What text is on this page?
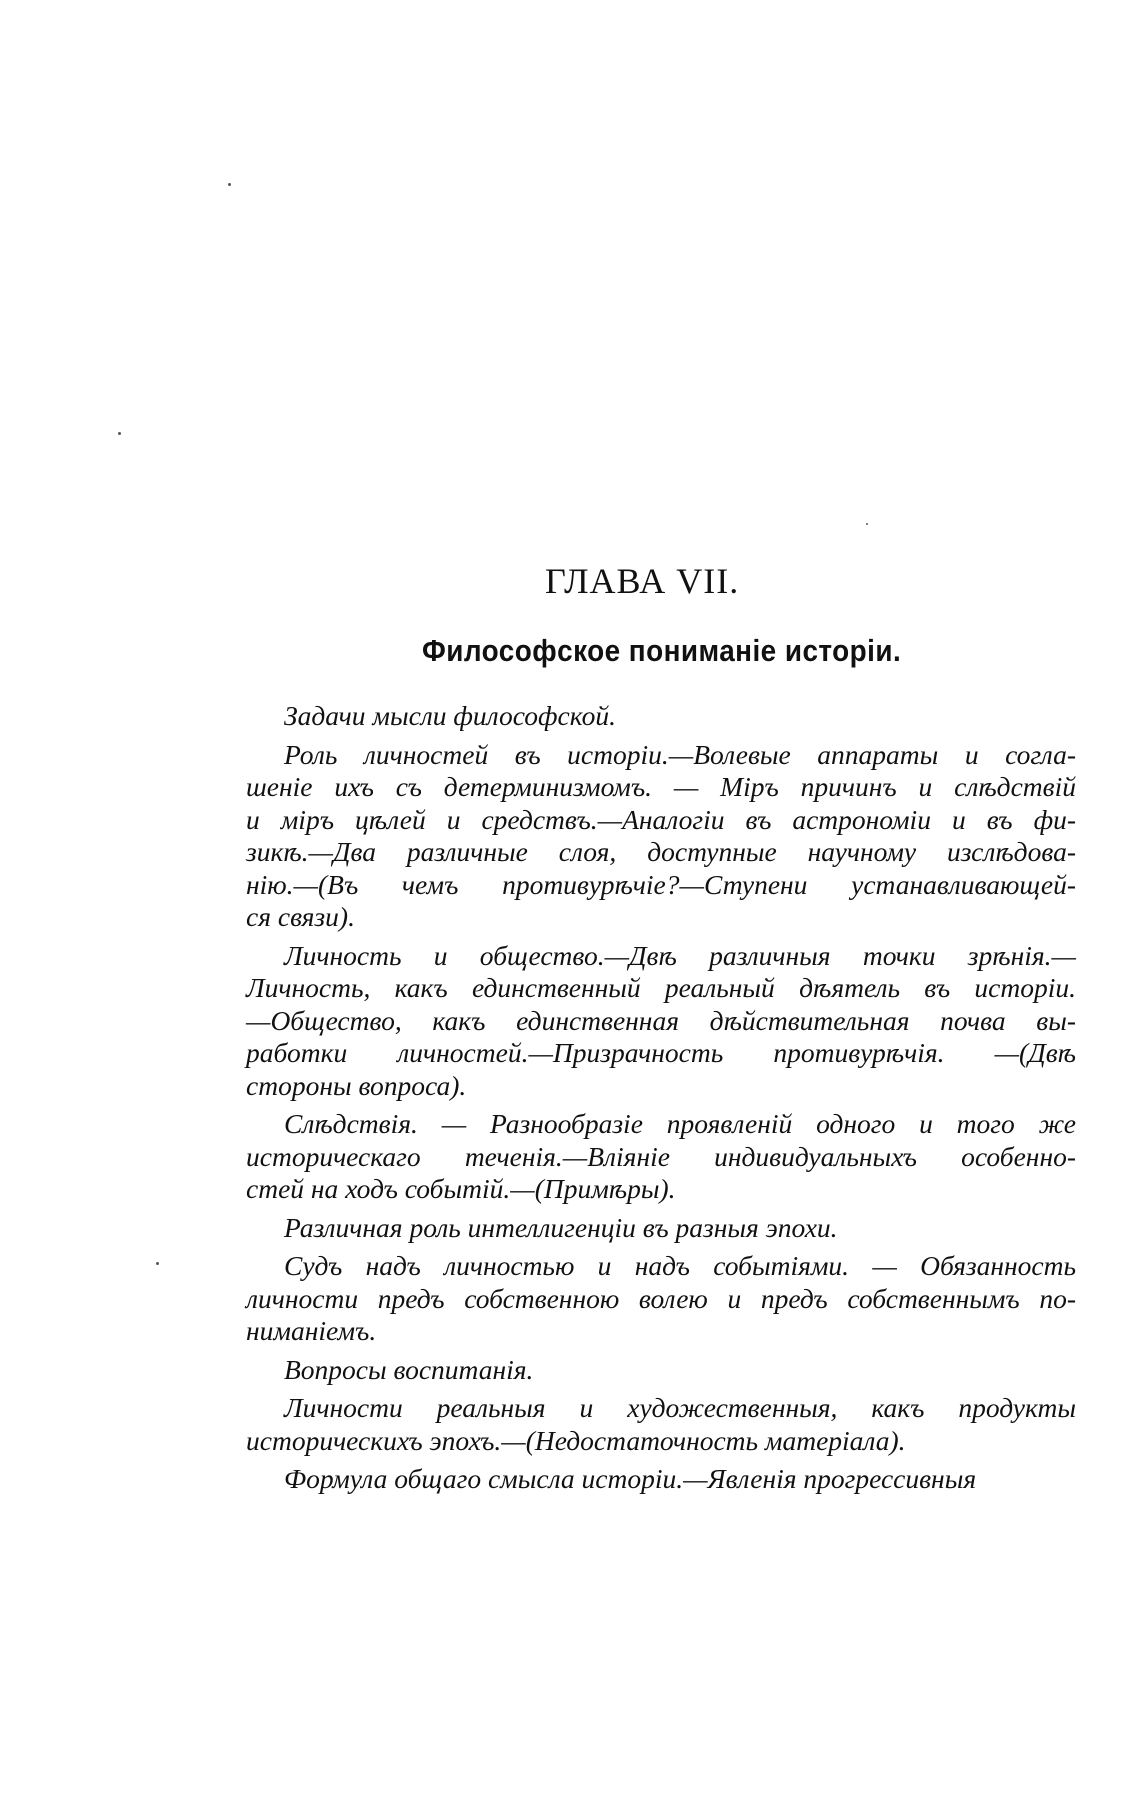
ГЛАВА VII.
Философское пониманіе исторіи.
Задачи мысли философской.
Роль личностей въ исторіи.—Волевые аппараты и согла-
шеніе ихъ съ детерминизмомъ. — Міръ причинъ и слѣдствій
и міръ цѣлей и средствъ.—Аналогіи въ астрономіи и въ фи-
зикѣ.—Два различные слоя, доступные научному изслѣдова-
нію.—(Въ чемъ противурѣчіе?—Ступени устанавливающей-
ся связи).
Личность и общество.—Двѣ различныя точки зрѣнія.—
Личность, какъ единственный реальный дѣятель въ исторіи.
—Общество, какъ единственная дѣйствительная почва вы-
работки личностей.—Призрачность противурѣчія. —(Двѣ
стороны вопроса).
Слѣдствія. — Разнообразіе проявленій одного и того же
историческаго теченія.—Вліяніе индивидуальныхъ особенно-
стей на ходъ событій.—(Примѣры).
Различная роль интеллигенціи въ разныя эпохи.
Судъ надъ личностью и надъ событіями. — Обязанность
личности предъ собственною волею и предъ собственнымъ по-
ниманіемъ.
Вопросы воспитанія.
Личности реальныя и художественныя, какъ продукты
историческихъ эпохъ.—(Недостаточность матеріала).
Формула общаго смысла исторіи.—Явленія прогрессивныя
